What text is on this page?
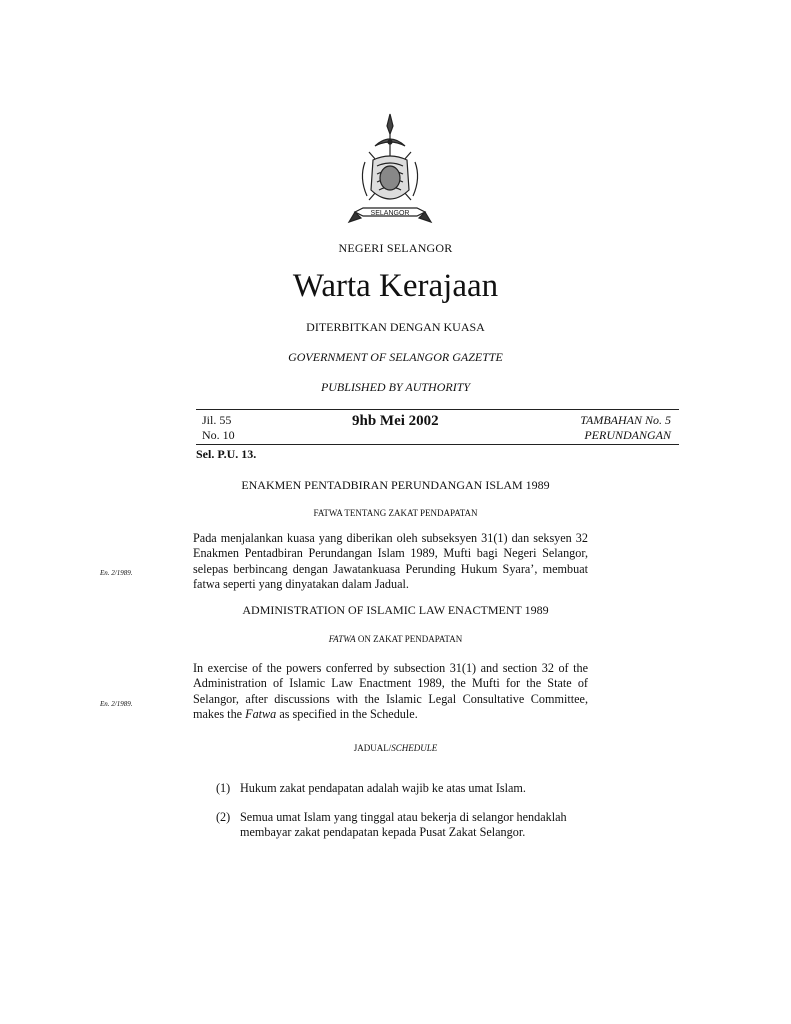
SELANGOR
NEGERI SELANGOR
Warta Kerajaan
DITERBITKAN DENGAN KUASA
GOVERNMENT OF SELANGOR GAZETTE
PUBLISHED BY AUTHORITY
Jil. 55
No. 10
9hb Mei 2002	TAMBAHAN No. 5
PERUNDANGAN
Sel. P.U. 13.
ENAKMEN PENTADBIRAN PERUNDANGAN ISLAM 1989
FATWA TENTANG ZAKAT PENDAPATAN
En. 2/1989.
Pada menjalankan kuasa yang diberikan oleh subseksyen 31(1) dan seksyen 32 Enakmen Pentadbiran Perundangan Islam 1989, Mufti bagi Negeri Selangor, selepas berbincang dengan Jawatankuasa Perunding Hukum Syara’, membuat fatwa seperti yang dinyatakan dalam Jadual.
ADMINISTRATION OF ISLAMIC LAW ENACTMENT 1989
FATWA ON ZAKAT PENDAPATAN
En. 2/1989.
In exercise of the powers conferred by subsection 31(1) and section 32 of the Administration of Islamic Law Enactment 1989, the Mufti for the State of Selangor, after discussions with the Islamic Legal Consultative Committee, makes the Fatwa as specified in the Schedule.
JADUAL/SCHEDULE
(1) Hukum zakat pendapatan adalah wajib ke atas umat Islam.
(2) Semua umat Islam yang tinggal atau bekerja di selangor hendaklah membayar zakat pendapatan kepada Pusat Zakat Selangor.
